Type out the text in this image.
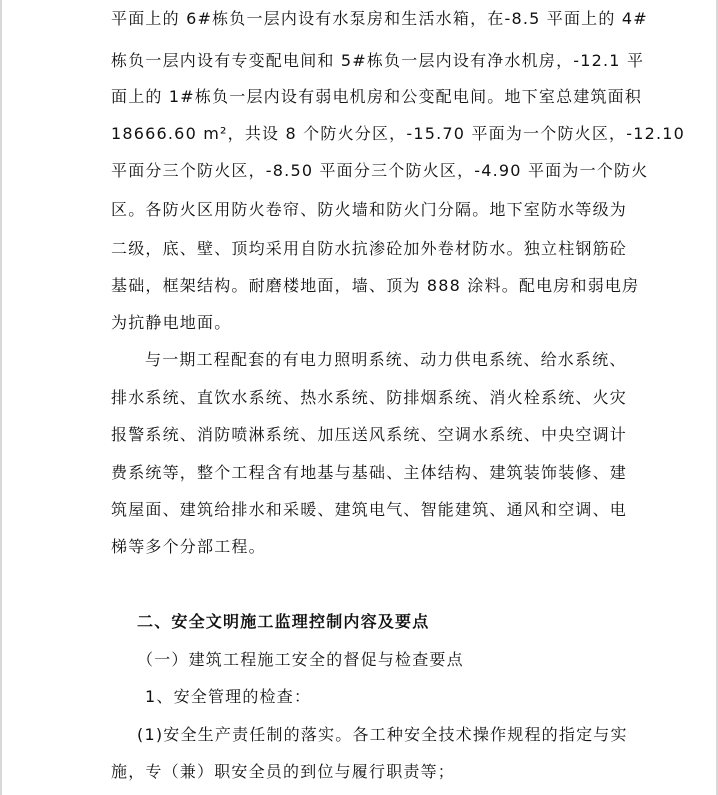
平面上的 6#栋负一层内设有水泵房和生活水箱，在-8.5 平面上的 4#
栋负一层内设有专变配电间和 5#栋负一层内设有净水机房，-12.1 平
面上的 1#栋负一层内设有弱电机房和公变配电间。地下室总建筑面积
18666.60 m²，共设 8 个防火分区，-15.70 平面为一个防火区，-12.10
平面分三个防火区，-8.50 平面分三个防火区，-4.90 平面为一个防火
区。各防火区用防火卷帘、防火墙和防火门分隔。地下室防水等级为
二级，底、壁、顶均采用自防水抗渗砼加外卷材防水。独立柱钢筋砼
基础，框架结构。耐磨楼地面，墙、顶为 888 涂料。配电房和弱电房
为抗静电地面。
与一期工程配套的有电力照明系统、动力供电系统、给水系统、
排水系统、直饮水系统、热水系统、防排烟系统、消火栓系统、火灾
报警系统、消防喷淋系统、加压送风系统、空调水系统、中央空调计
费系统等，整个工程含有地基与基础、主体结构、建筑装饰装修、建
筑屋面、建筑给排水和采暖、建筑电气、智能建筑、通风和空调、电
梯等多个分部工程。
二、安全文明施工监理控制内容及要点
（一）建筑工程施工安全的督促与检查要点
1、安全管理的检查：
(1)安全生产责任制的落实。各工种安全技术操作规程的指定与实
施，专（兼）职安全员的到位与履行职责等；
